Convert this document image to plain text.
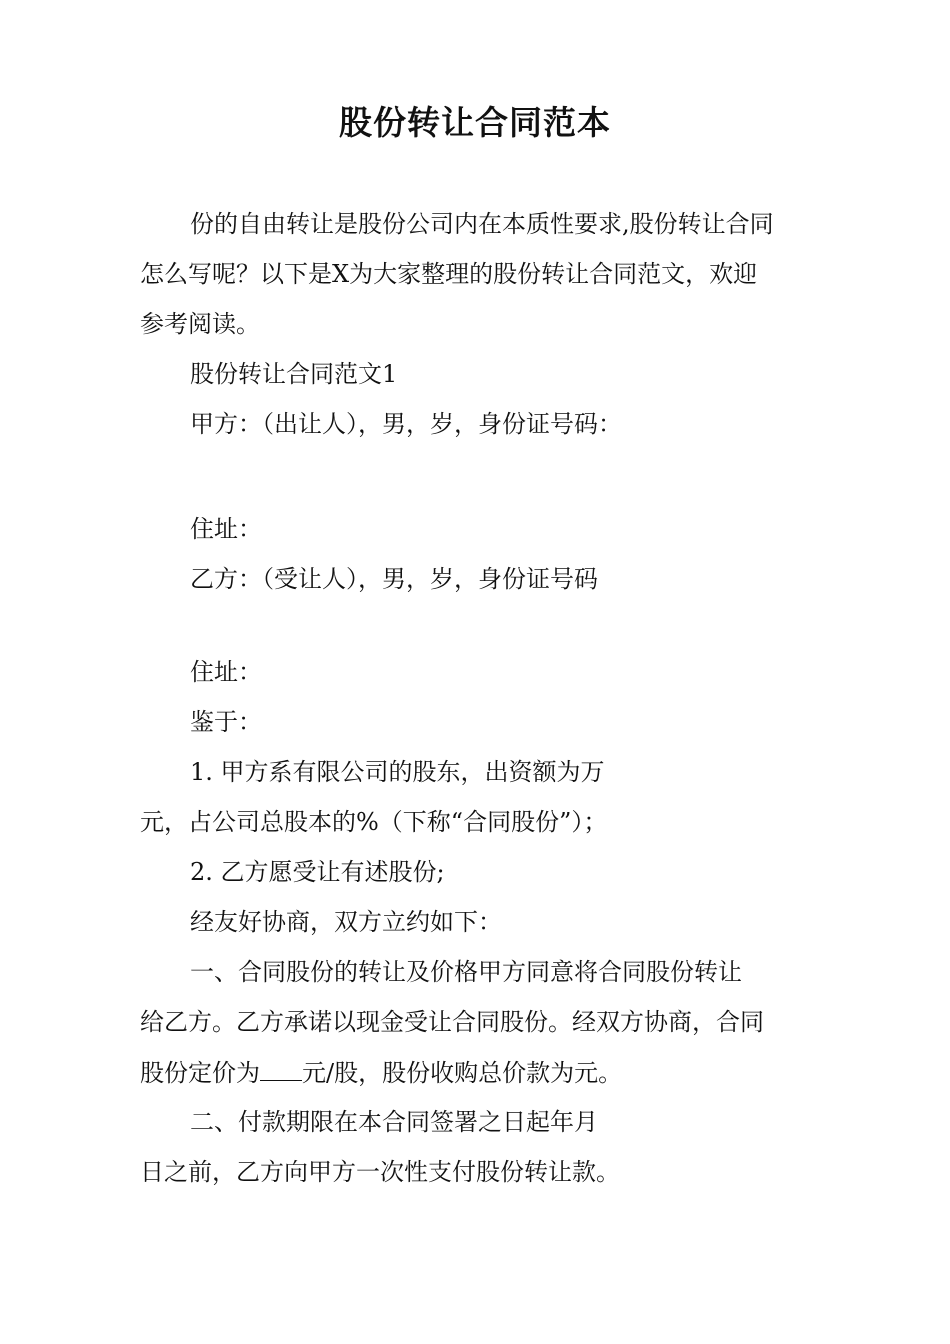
股份转让合同范本

份的自由转让是股份公司内在本质性要求,股份转让合同

怎么写呢？以下是X为大家整理的股份转让合同范文，欢迎

参考阅读。

股份转让合同范文1

甲方：（出让人），男，岁，身份证号码：

住址：

乙方：（受让人），男，岁，身份证号码

住址：

鉴于：

1. 甲方系有限公司的股东，出资额为万

元，占公司总股本的%（下称“合同股份”）；

2. 乙方愿受让有述股份;

经友好协商，双方立约如下：

一、合同股份的转让及价格甲方同意将合同股份转让

给乙方。乙方承诺以现金受让合同股份。经双方协商，合同

股份定价为 元/股，股份收购总价款为元。

二、付款期限在本合同签署之日起年月

日之前，乙方向甲方一次性支付股份转让款。
